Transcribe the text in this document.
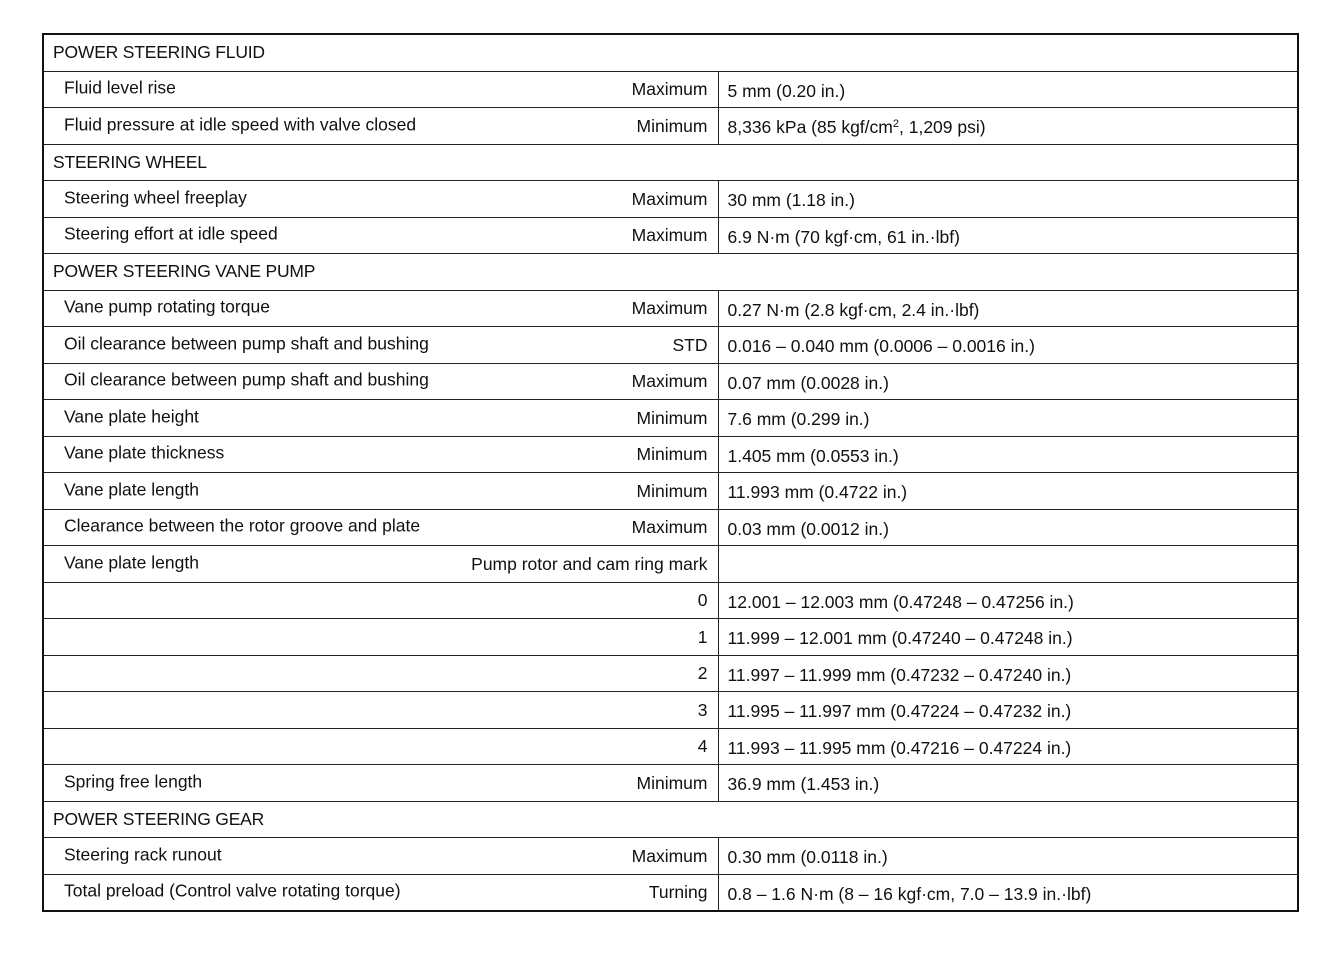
POWER STEERING FLUID	

Fluid level rise Maximum	5 mm (0.20 in.)

Fluid pressure at idle speed with valve closed Minimum	8,336 kPa (85 kgf/$cm^2$, 1,209 psi)
STEERING WHEEL	

Steering wheel freeplay Maximum	30 mm (1.18 in.)

Steering effort at idle speed Maximum	6.9 N·m (70 kgf·cm, 61 in.·lbf)
POWER STEERING VANE PUMP	

Vane pump rotating torque Maximum	0.27 N·m (2.8 kgf·cm, 2.4 in.·lbf)

Oil clearance between pump shaft and bushing STD	0.016 – 0.040 mm (0.0006 – 0.0016 in.)

Oil clearance between pump shaft and bushing Maximum	0.07 mm (0.0028 in.)

Vane plate height Minimum	7.6 mm (0.299 in.)

Vane plate thickness Minimum	1.405 mm (0.0553 in.)

Vane plate length Minimum	11.993 mm (0.4722 in.)

Clearance between the rotor groove and plate Maximum	0.03 mm (0.0012 in.)

Vane plate length Pump rotor and cam ring mark	

0	12.001 – 12.003 mm (0.47248 – 0.47256 in.)

1	11.999 – 12.001 mm (0.47240 – 0.47248 in.)

2	11.997 – 11.999 mm (0.47232 – 0.47240 in.)

3	11.995 – 11.997 mm (0.47224 – 0.47232 in.)

4	11.993 – 11.995 mm (0.47216 – 0.47224 in.)

Spring free length Minimum	36.9 mm (1.453 in.)
POWER STEERING GEAR	

Steering rack runout Maximum	0.30 mm (0.0118 in.)

Total preload (Control valve rotating torque) Turning	0.8 – 1.6 N·m (8 – 16 kgf·cm, 7.0 – 13.9 in.·lbf)
